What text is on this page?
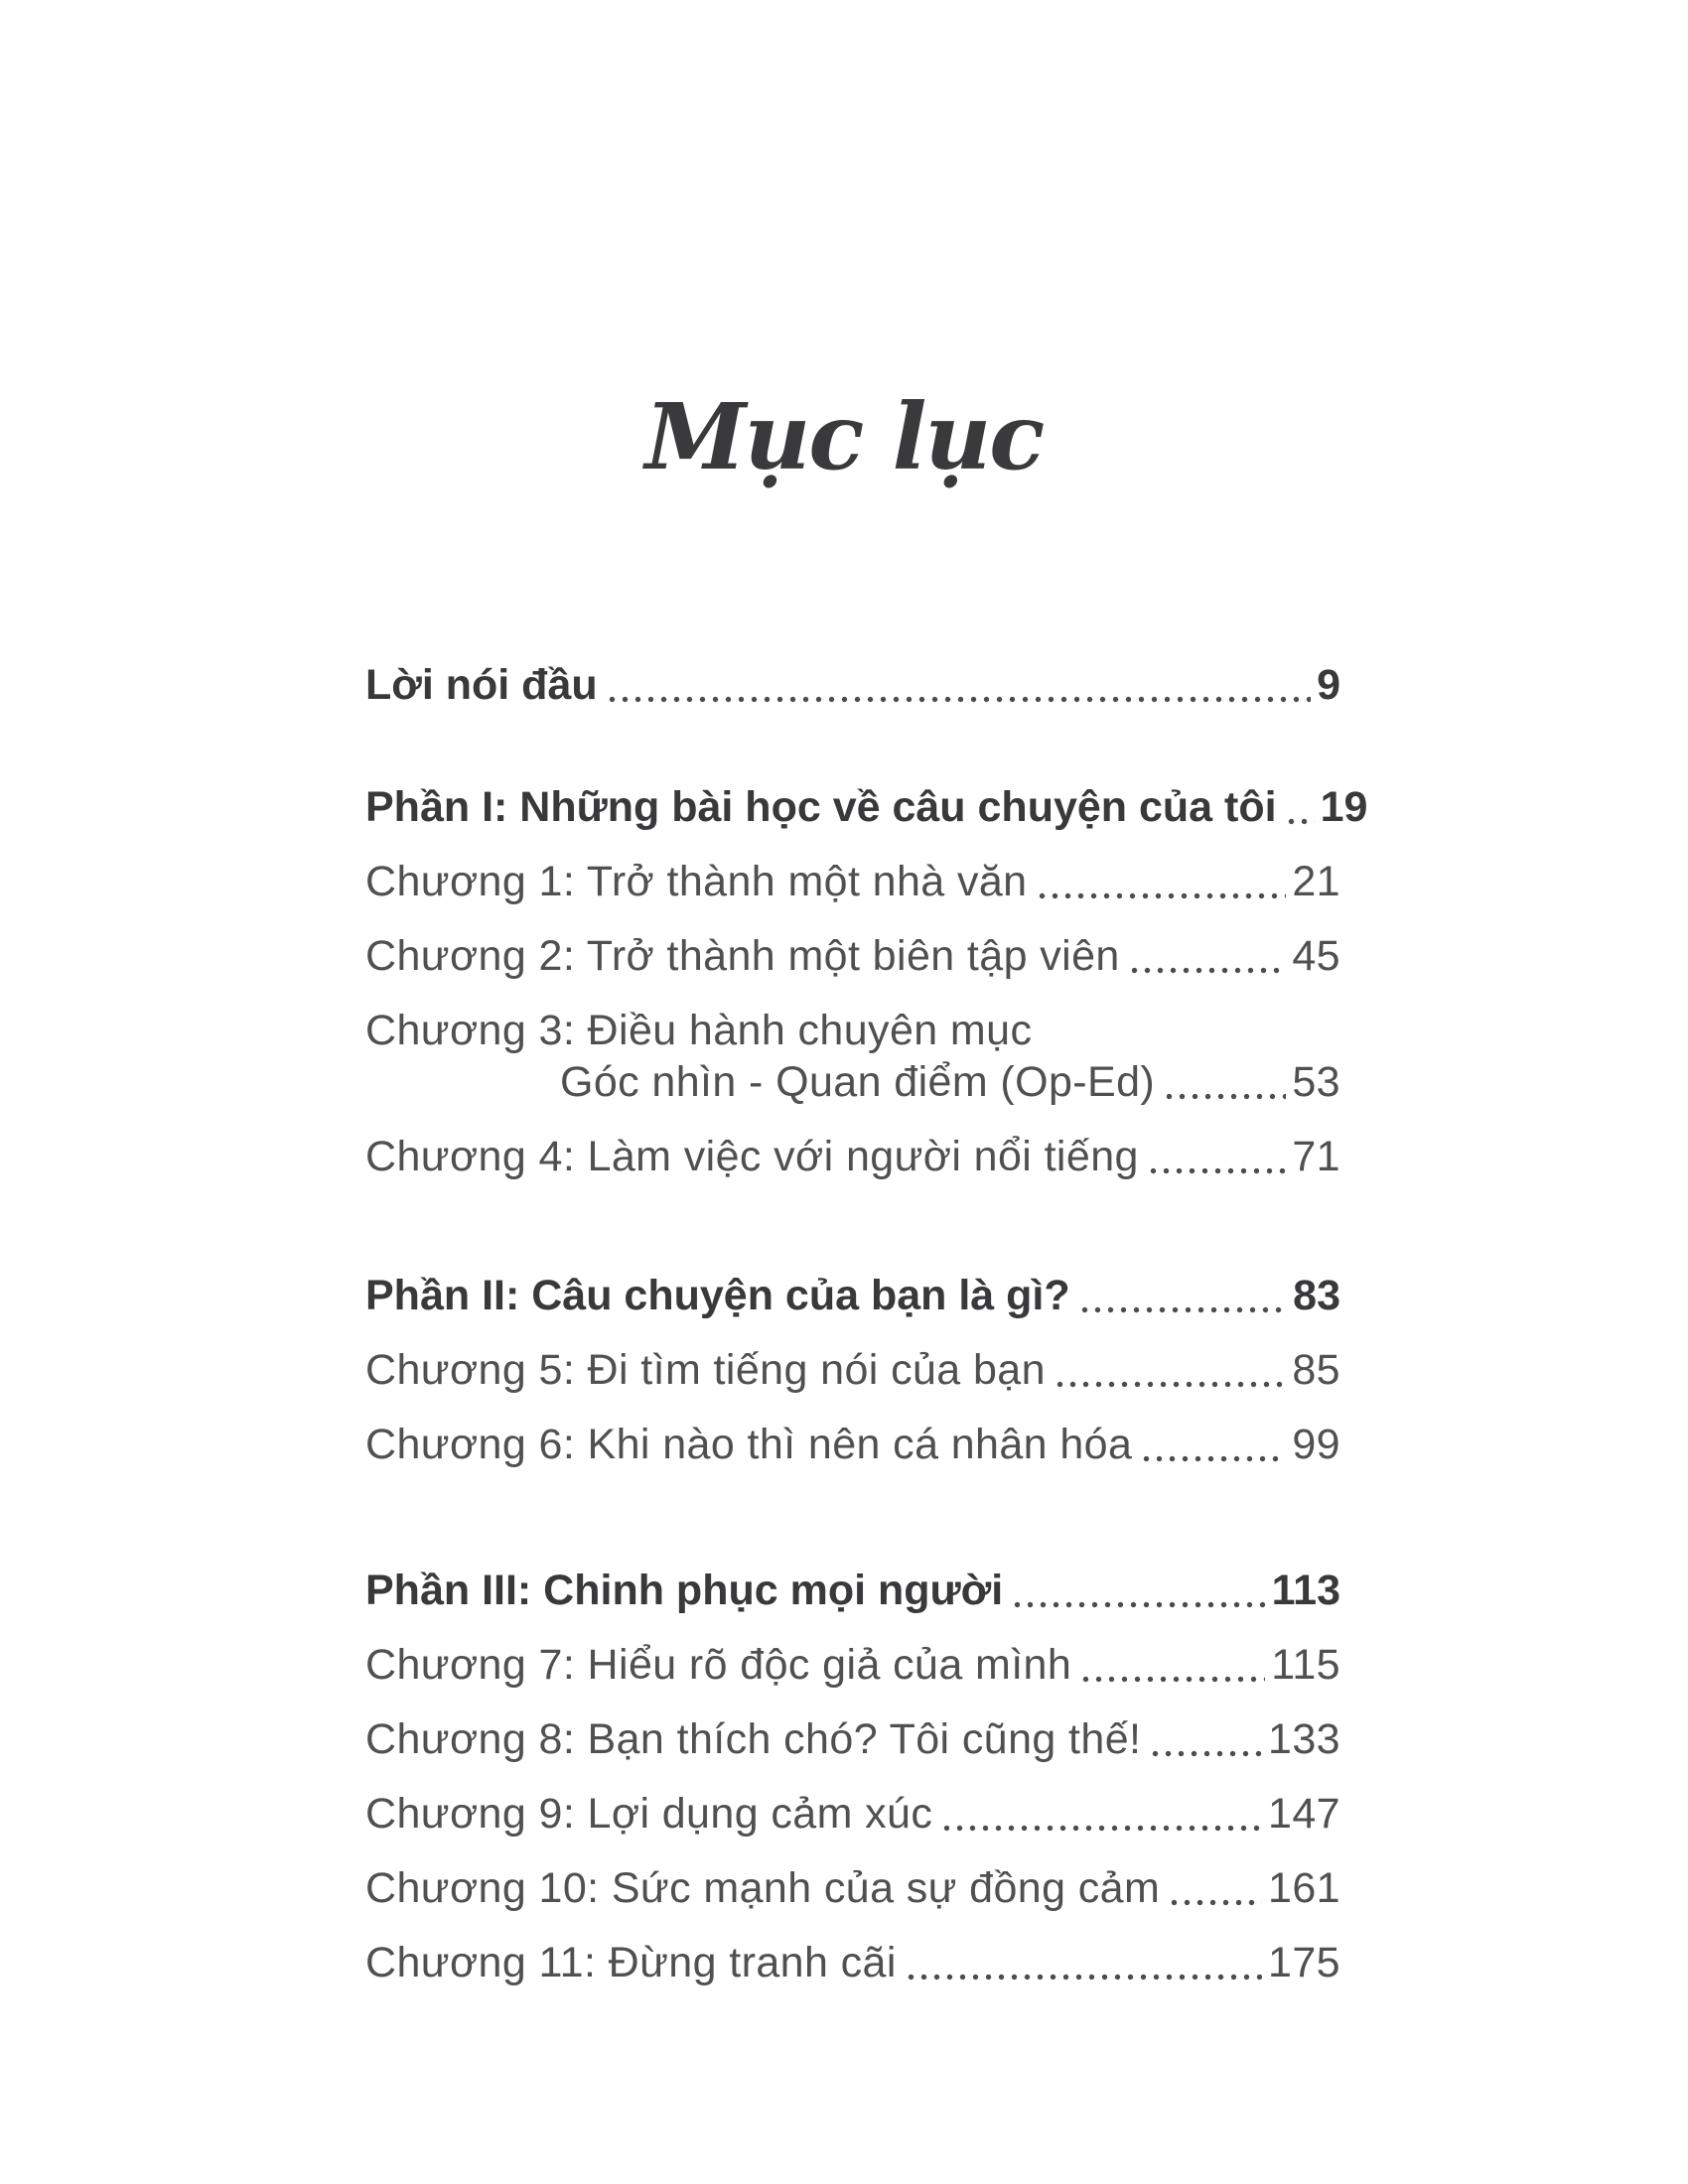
Mục lục
Lời nói đầu	9
Phần I: Những bài học về câu chuyện của tôi 19
Chương 1: Trở thành một nhà văn	21
Chương 2: Trở thành một biên tập viên	45
Chương 3: Điều hành chuyên mục
Góc nhìn - Quan điểm (Op-Ed)	53
Chương 4: Làm việc với người nổi tiếng	71
Phần II: Câu chuyện của bạn là gì?	83
Chương 5: Đi tìm tiếng nói của bạn	85
Chương 6: Khi nào thì nên cá nhân hóa	99
Phần III: Chinh phục mọi người	113
Chương 7: Hiểu rõ độc giả của mình	115
Chương 8: Bạn thích chó? Tôi cũng thế!	133
Chương 9: Lợi dụng cảm xúc	147
Chương 10: Sức mạnh của sự đồng cảm	161
Chương 11: Đừng tranh cãi	175
